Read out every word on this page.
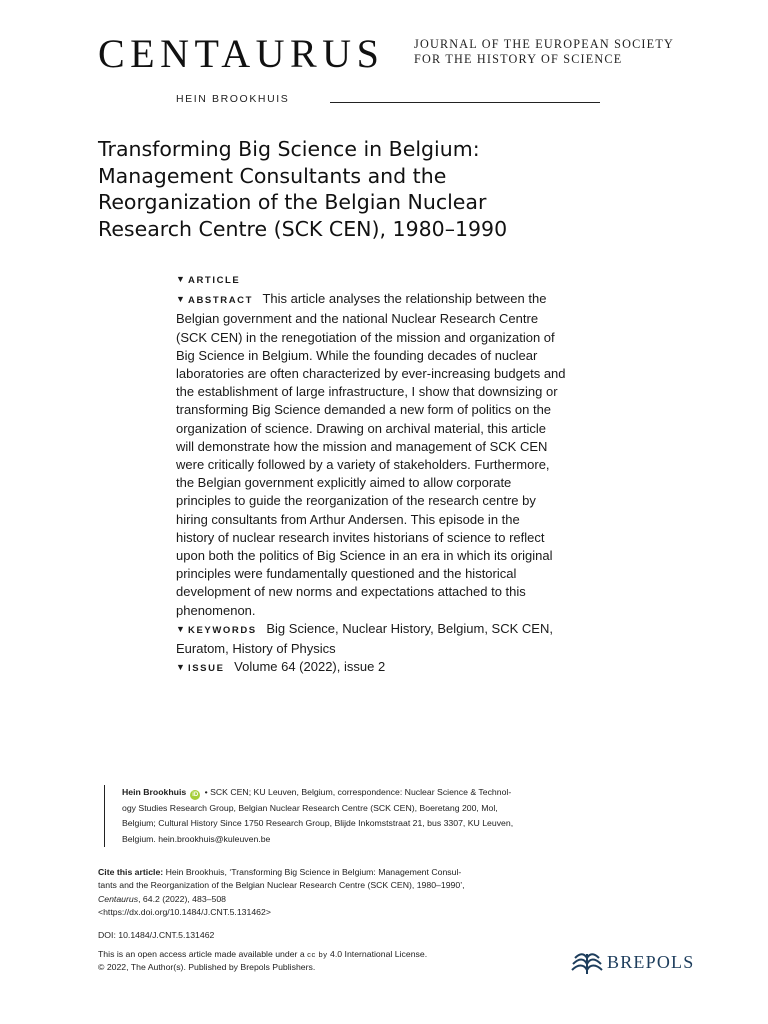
CENTAURUS JOURNAL OF THE EUROPEAN SOCIETY
FOR THE HISTORY OF SCIENCE
HEIN BROOKHUIS
Transforming Big Science in Belgium:
Management Consultants and the
Reorganization of the Belgian Nuclear
Research Centre (SCK CEN), 1980–1990
▼ ARTICLE
▼ ABSTRACT This article analyses the relationship between the
Belgian government and the national Nuclear Research Centre
(SCK CEN) in the renegotiation of the mission and organization of
Big Science in Belgium. While the founding decades of nuclear
laboratories are often characterized by ever-increasing budgets and
the establishment of large infrastructure, I show that downsizing or
transforming Big Science demanded a new form of politics on the
organization of science. Drawing on archival material, this article
will demonstrate how the mission and management of SCK CEN
were critically followed by a variety of stakeholders. Furthermore,
the Belgian government explicitly aimed to allow corporate
principles to guide the reorganization of the research centre by
hiring consultants from Arthur Andersen. This episode in the
history of nuclear research invites historians of science to reflect
upon both the politics of Big Science in an era in which its original
principles were fundamentally questioned and the historical
development of new norms and expectations attached to this
phenomenon.
▼ KEYWORDS Big Science, Nuclear History, Belgium, SCK CEN,
Euratom, History of Physics
▼ ISSUE Volume 64 (2022), issue 2
Hein Brookhuis iD • SCK CEN; KU Leuven, Belgium, correspondence: Nuclear Science & Technol-
ogy Studies Research Group, Belgian Nuclear Research Centre (SCK CEN), Boeretang 200, Mol,
Belgium; Cultural History Since 1750 Research Group, Blijde Inkomststraat 21, bus 3307, KU Leuven,
Belgium. hein.brookhuis@kuleuven.be
Cite this article: Hein Brookhuis, ‘Transforming Big Science in Belgium: Management Consul-
tants and the Reorganization of the Belgian Nuclear Research Centre (SCK CEN), 1980–1990’,
Centaurus, 64.2 (2022), 483–508
<https://dx.doi.org/10.1484/J.CNT.5.131462>
DOI: 10.1484/J.CNT.5.131462
This is an open access article made available under a cc by 4.0 International License.
© 2022, The Author(s). Published by Brepols Publishers.	BREPOLS
